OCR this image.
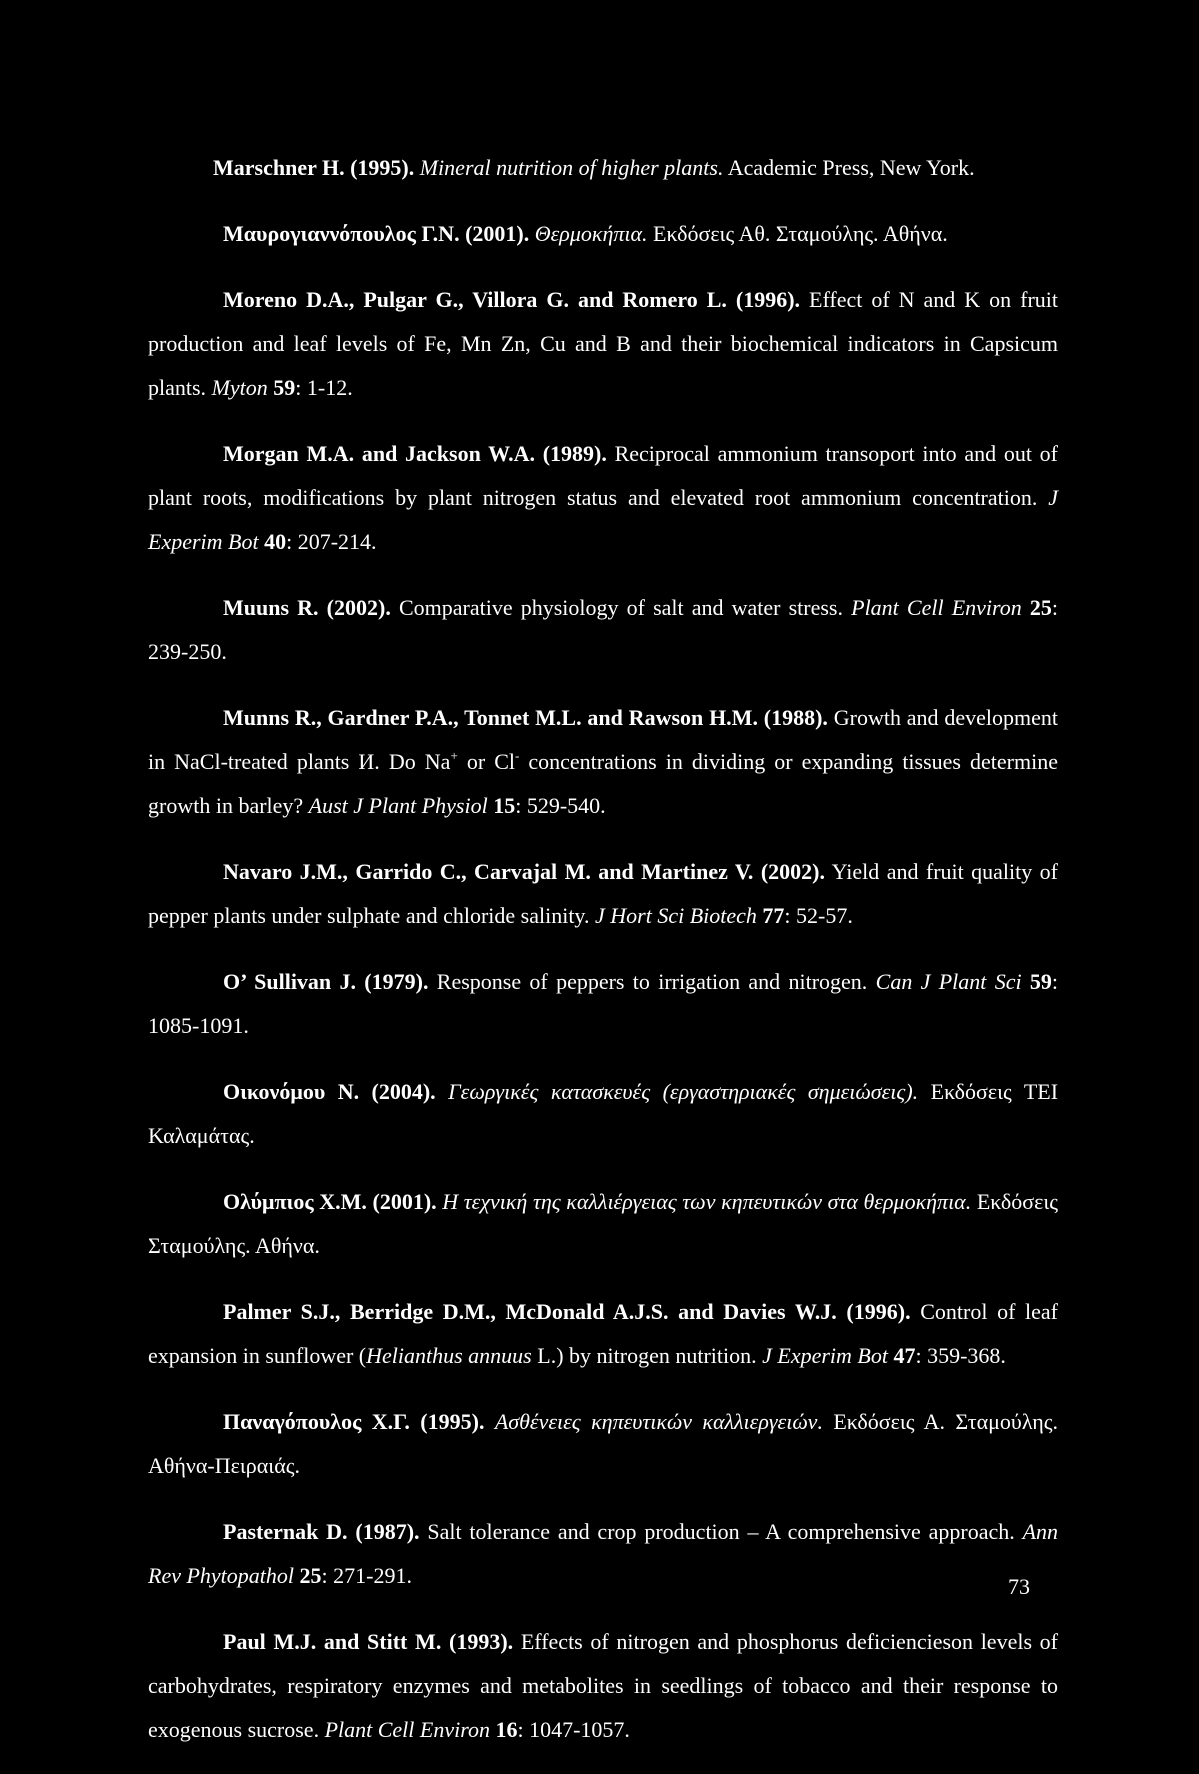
Marschner H. (1995). Mineral nutrition of higher plants. Academic Press, New York.

Μαυρογιαννόπουλος Γ.Ν. (2001). Θερμοκήπια. Εκδόσεις Αθ. Σταμούλης. Αθήνα.

Moreno D.A., Pulgar G., Villora G. and Romero L. (1996). Effect of N and K on fruit production and leaf levels of Fe, Mn Zn, Cu and B and their biochemical indicators in Capsicum plants. Myton 59: 1-12.

Morgan M.A. and Jackson W.A. (1989). Reciprocal ammonium transoport into and out of plant roots, modifications by plant nitrogen status and elevated root ammonium concentration. J Experim Bot 40: 207-214.

Muuns R. (2002). Comparative physiology of salt and water stress. Plant Cell Environ 25: 239-250.

Munns R., Gardner P.A., Tonnet M.L. and Rawson H.M. (1988). Growth and development in NaCl-treated plants И. Do Na+ or Cl- concentrations in dividing or expanding tissues determine growth in barley? Aust J Plant Physiol 15: 529-540.

Navaro J.M., Garrido C., Carvajal M. and Martinez V. (2002). Yield and fruit quality of pepper plants under sulphate and chloride salinity. J Hort Sci Biotech 77: 52-57.

O’ Sullivan J. (1979). Response of peppers to irrigation and nitrogen. Can J Plant Sci 59: 1085-1091.

Οικονόμου Ν. (2004). Γεωργικές κατασκευές (εργαστηριακές σημειώσεις). Εκδόσεις ΤΕΙ Καλαμάτας.

Ολύμπιος Χ.Μ. (2001). Η τεχνική της καλλιέργειας των κηπευτικών στα θερμοκήπια. Εκδόσεις Σταμούλης. Αθήνα.

Palmer S.J., Berridge D.M., McDonald A.J.S. and Davies W.J. (1996). Control of leaf expansion in sunflower (Helianthus annuus L.) by nitrogen nutrition. J Experim Bot 47: 359-368.

Παναγόπουλος Χ.Γ. (1995). Ασθένειες κηπευτικών καλλιεργειών. Εκδόσεις Α. Σταμούλης. Αθήνα-Πειραιάς.

Pasternak D. (1987). Salt tolerance and crop production – A comprehensive approach. Ann Rev Phytopathol 25: 271-291.

Paul M.J. and Stitt M. (1993). Effects of nitrogen and phosphorus deficiencieson levels of carbohydrates, respiratory enzymes and metabolites in seedlings of tobacco and their response to exogenous sucrose. Plant Cell Environ 16: 1047-1057.

73
